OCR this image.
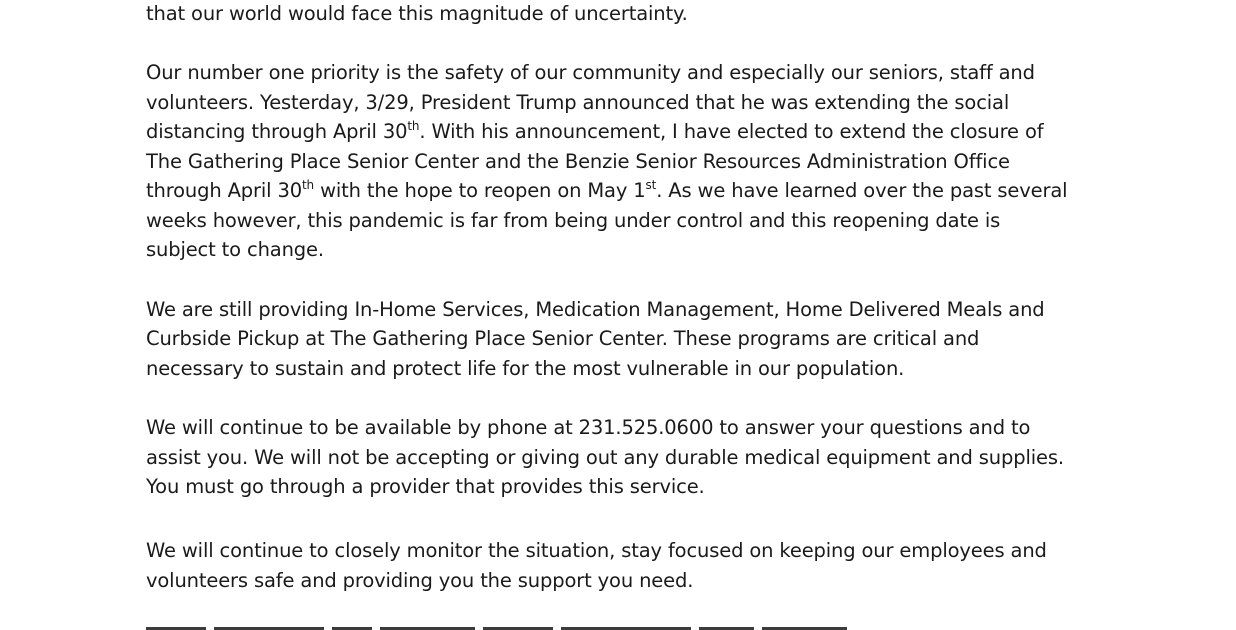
that our world would face this magnitude of uncertainty.
Our number one priority is the safety of our community and especially our seniors, staff and
volunteers. Yesterday, 3/29, President Trump announced that he was extending the social
distancing through April 30th. With his announcement, I have elected to extend the closure of
The Gathering Place Senior Center and the Benzie Senior Resources Administration Office
through April 30th with the hope to reopen on May 1st. As we have learned over the past several
weeks however, this pandemic is far from being under control and this reopening date is
subject to change.
We are still providing In-Home Services, Medication Management, Home Delivered Meals and
Curbside Pickup at The Gathering Place Senior Center. These programs are critical and
necessary to sustain and protect life for the most vulnerable in our population.
We will continue to be available by phone at 231.525.0600 to answer your questions and to
assist you. We will not be accepting or giving out any durable medical equipment and supplies.
You must go through a provider that provides this service.
We will continue to closely monitor the situation, stay focused on keeping our employees and
volunteers safe and providing you the support you need.
